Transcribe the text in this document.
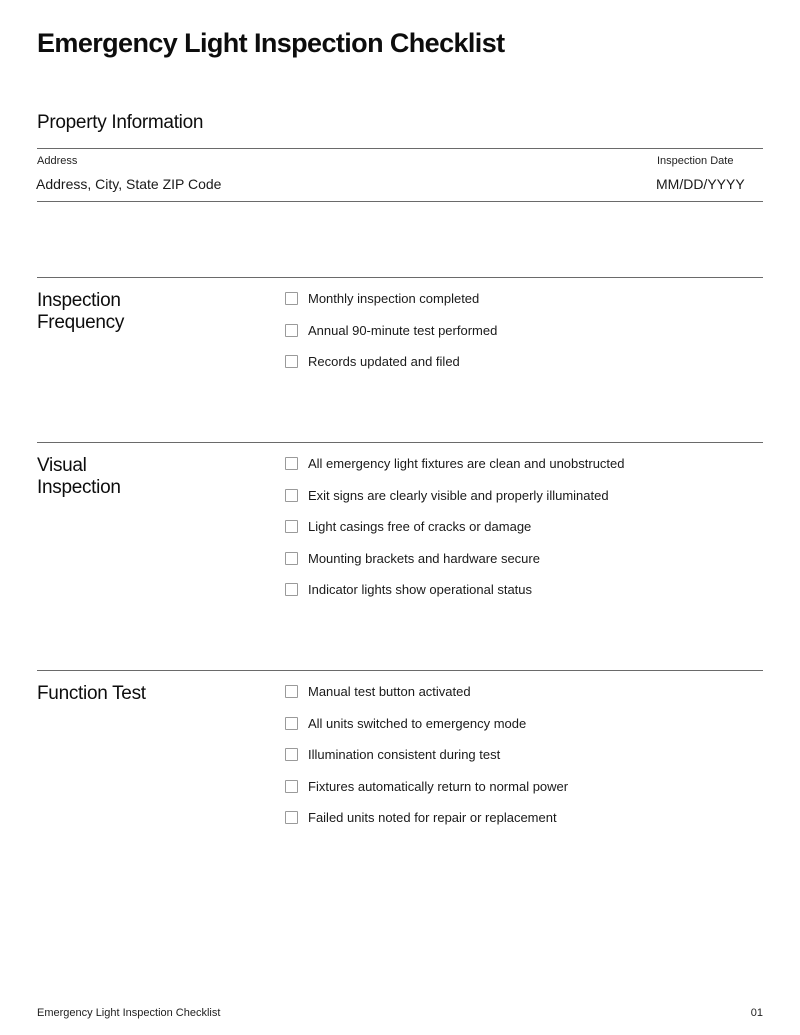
Emergency Light Inspection Checklist
Property Information
Address
Address, City, State ZIP Code
Inspection Date
MM/DD/YYYY
Inspection
Frequency
Monthly inspection completed
Annual 90-minute test performed
Records updated and filed
Visual
Inspection
All emergency light fixtures are clean and unobstructed
Exit signs are clearly visible and properly illuminated
Light casings free of cracks or damage
Mounting brackets and hardware secure
Indicator lights show operational status
Function Test	Manual test button activated
All units switched to emergency mode
Illumination consistent during test
Fixtures automatically return to normal power
Failed units noted for repair or replacement
Emergency Light Inspection Checklist	01
